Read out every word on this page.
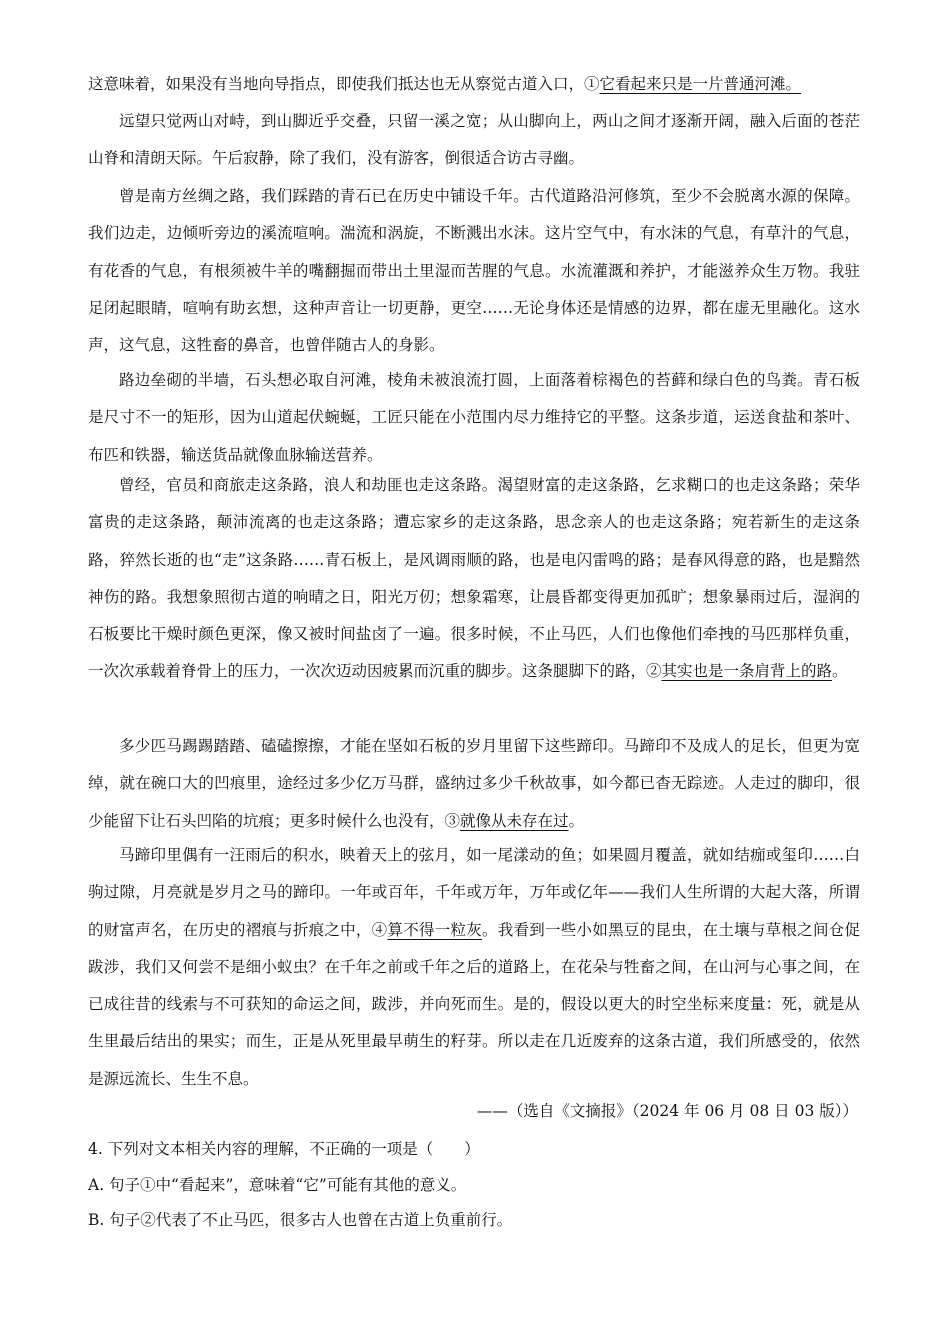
这意味着，如果没有当地向导指点，即使我们抵达也无从察觉古道入口，①它看起来只是一片普通河滩。

远望只觉两山对峙，到山脚近乎交叠，只留一溪之宽；从山脚向上，两山之间才逐渐开阔，融入后面的苍茫山脊和清朗天际。午后寂静，除了我们，没有游客，倒很适合访古寻幽。

曾是南方丝绸之路，我们踩踏的青石已在历史中铺设千年。古代道路沿河修筑，至少不会脱离水源的保障。我们边走，边倾听旁边的溪流喧响。湍流和涡旋，不断溅出水沫。这片空气中，有水沫的气息，有草汁的气息，有花香的气息，有根须被牛羊的嘴翻掘而带出土里湿而苦腥的气息。水流灌溉和养护，才能滋养众生万物。我驻足闭起眼睛，喧响有助玄想，这种声音让一切更静，更空……无论身体还是情感的边界，都在虚无里融化。这水声，这气息，这牲畜的鼻音，也曾伴随古人的身影。

路边垒砌的半墙，石头想必取自河滩，棱角未被浪流打圆，上面落着棕褐色的苔藓和绿白色的鸟粪。青石板是尺寸不一的矩形，因为山道起伏蜿蜒，工匠只能在小范围内尽力维持它的平整。这条步道，运送食盐和茶叶、布匹和铁器，输送货品就像血脉输送营养。

曾经，官员和商旅走这条路，浪人和劫匪也走这条路。渴望财富的走这条路，乞求糊口的也走这条路；荣华富贵的走这条路，颠沛流离的也走这条路；遭忘家乡的走这条路，思念亲人的也走这条路；宛若新生的走这条路，猝然长逝的也“走”这条路……青石板上，是风调雨顺的路，也是电闪雷鸣的路；是春风得意的路，也是黯然神伤的路。我想象照彻古道的响晴之日，阳光万仞；想象霜寒，让晨昏都变得更加孤旷；想象暴雨过后，湿润的石板要比干燥时颜色更深，像又被时间盐卤了一遍。很多时候，不止马匹，人们也像他们牵拽的马匹那样负重，一次次承载着脊骨上的压力，一次次迈动因疲累而沉重的脚步。这条腿脚下的路，②其实也是一条肩背上的路。

多少匹马踢踢踏踏、磕磕擦擦，才能在坚如石板的岁月里留下这些蹄印。马蹄印不及成人的足长，但更为宽绰，就在碗口大的凹痕里，途经过多少亿万马群，盛纳过多少千秋故事，如今都已杳无踪迹。人走过的脚印，很少能留下让石头凹陷的坑痕；更多时候什么也没有，③就像从未存在过。

马蹄印里偶有一汪雨后的积水，映着天上的弦月，如一尾漾动的鱼；如果圆月覆盖，就如结痂或玺印……白驹过隙，月亮就是岁月之马的蹄印。一年或百年，千年或万年，万年或亿年——我们人生所谓的大起大落，所谓的财富声名，在历史的褶痕与折痕之中，④算不得一粒灰。我看到一些小如黑豆的昆虫，在土壤与草根之间仓促跋涉，我们又何尝不是细小蚁虫？在千年之前或千年之后的道路上，在花朵与牲畜之间，在山河与心事之间，在已成往昔的线索与不可获知的命运之间，跋涉，并向死而生。是的，假设以更大的时空坐标来度量：死，就是从生里最后结出的果实；而生，正是从死里最早萌生的籽芽。所以走在几近废弃的这条古道，我们所感受的，依然是源远流长、生生不息。

——（选自《文摘报》（2024 年 06 月 08 日 03 版））
4. 下列对文本相关内容的理解，不正确的一项是（　　）
A. 句子①中“看起来”，意味着“它”可能有其他的意义。
B. 句子②代表了不止马匹，很多古人也曾在古道上负重前行。
